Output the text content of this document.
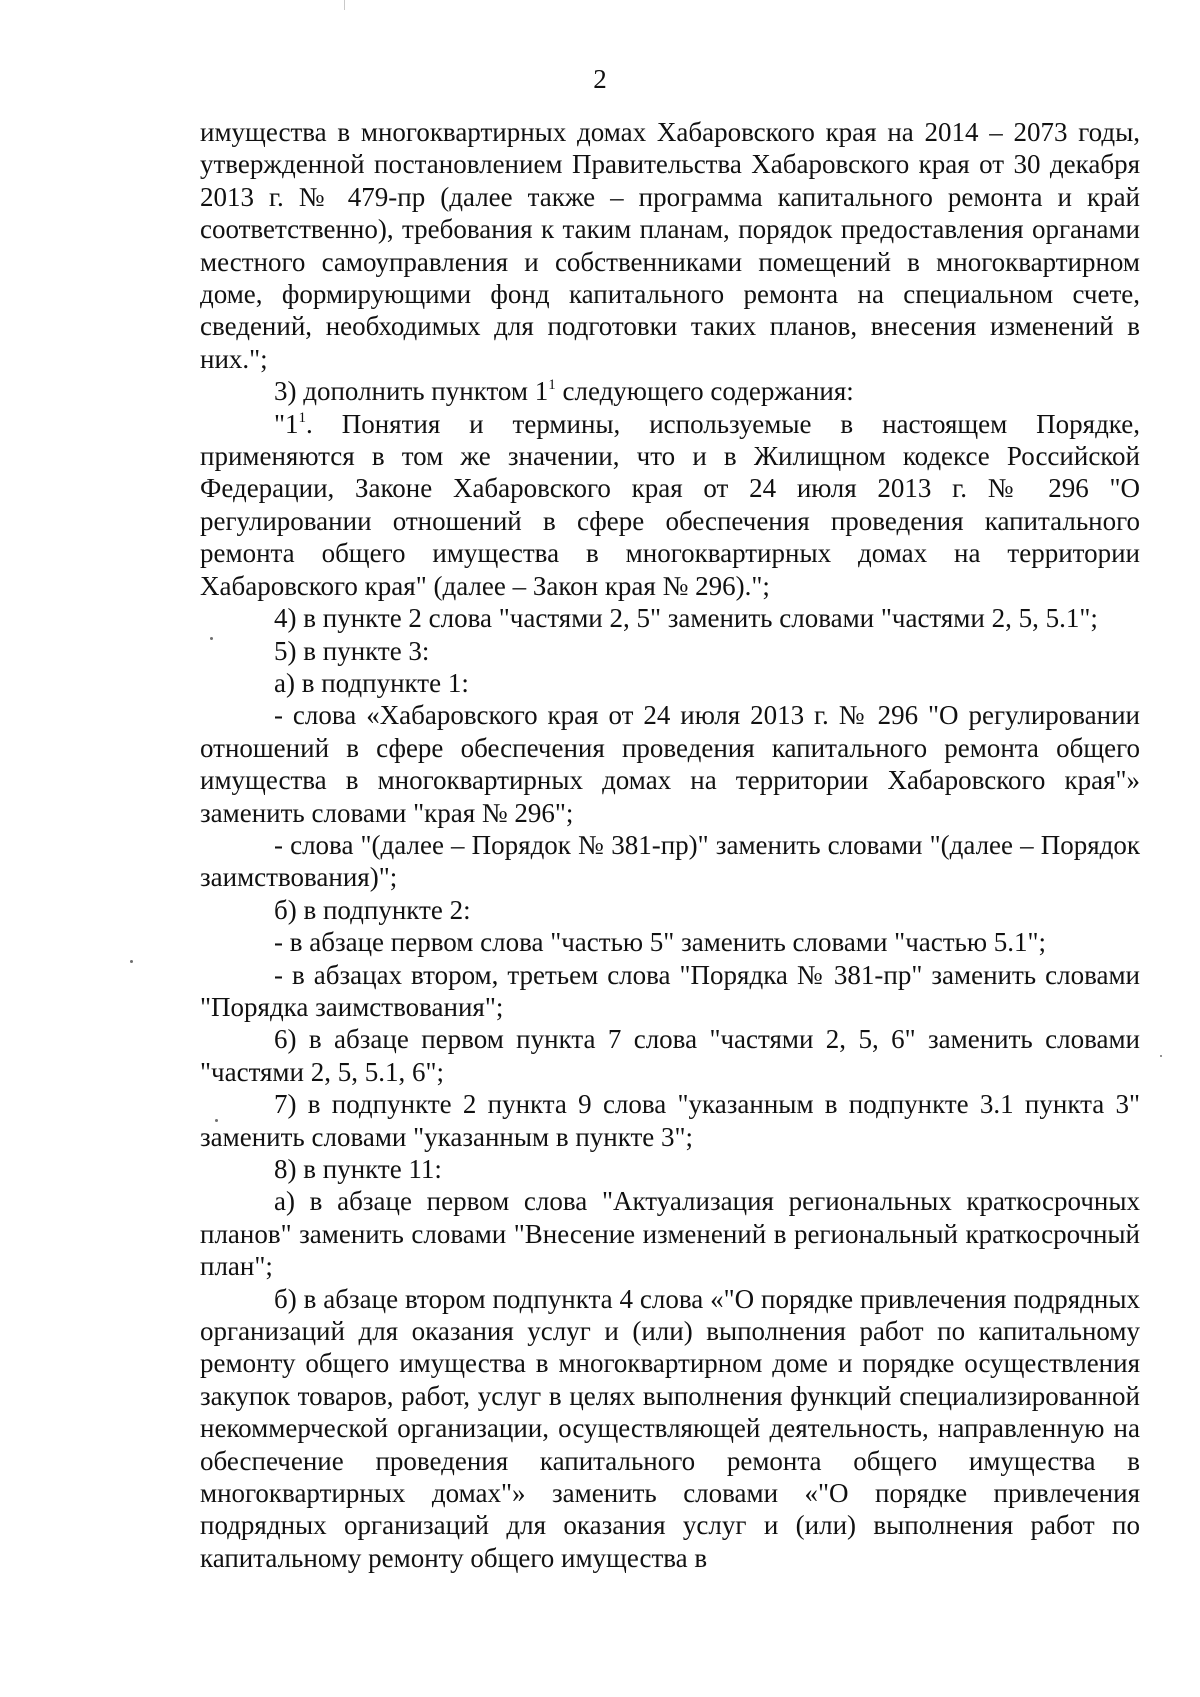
2

имущества в многоквартирных домах Хабаровского края на 2014 – 2073 годы, утвержденной постановлением Правительства Хабаровского края от 30 декабря 2013 г. № 479-пр (далее также – программа капитального ремонта и край соответственно), требования к таким планам, порядок предоставления органами местного самоуправления и собственниками помещений в многоквартирном доме, формирующими фонд капитального ремонта на специальном счете, сведений, необходимых для подготовки таких планов, внесения изменений в них.";

3) дополнить пунктом $1^1$ следующего содержания:

"$1^1$. Понятия и термины, используемые в настоящем Порядке, применяются в том же значении, что и в Жилищном кодексе Российской Федерации, Законе Хабаровского края от 24 июля 2013 г. № 296 "О регулировании отношений в сфере обеспечения проведения капитального ремонта общего имущества в многоквартирных домах на территории Хабаровского края" (далее – Закон края № 296).";

4) в пункте 2 слова "частями 2, 5" заменить словами "частями 2, 5, 5.1";

5) в пункте 3:

а) в подпункте 1:

- слова «Хабаровского края от 24 июля 2013 г. № 296 "О регулировании отношений в сфере обеспечения проведения капитального ремонта общего имущества в многоквартирных домах на территории Хабаровского края"» заменить словами "края № 296";

- слова "(далее – Порядок № 381-пр)" заменить словами "(далее – Порядок заимствования)";

б) в подпункте 2:

- в абзаце первом слова "частью 5" заменить словами "частью 5.1";

- в абзацах втором, третьем слова "Порядка № 381-пр" заменить словами "Порядка заимствования";

6) в абзаце первом пункта 7 слова "частями 2, 5, 6" заменить словами "частями 2, 5, 5.1, 6";

7) в подпункте 2 пункта 9 слова "указанным в подпункте 3.1 пункта 3" заменить словами "указанным в пункте 3";

8) в пункте 11:

а) в абзаце первом слова "Актуализация региональных краткосрочных планов" заменить словами "Внесение изменений в региональный краткосрочный план";

б) в абзаце втором подпункта 4 слова «"О порядке привлечения подрядных организаций для оказания услуг и (или) выполнения работ по капитальному ремонту общего имущества в многоквартирном доме и порядке осуществления закупок товаров, работ, услуг в целях выполнения функций специализированной некоммерческой организации, осуществляющей деятельность, направленную на обеспечение проведения капитального ремонта общего имущества в многоквартирных домах"» заменить словами «"О порядке привлечения подрядных организаций для оказания услуг и (или) выполнения работ по капитальному ремонту общего имущества в
